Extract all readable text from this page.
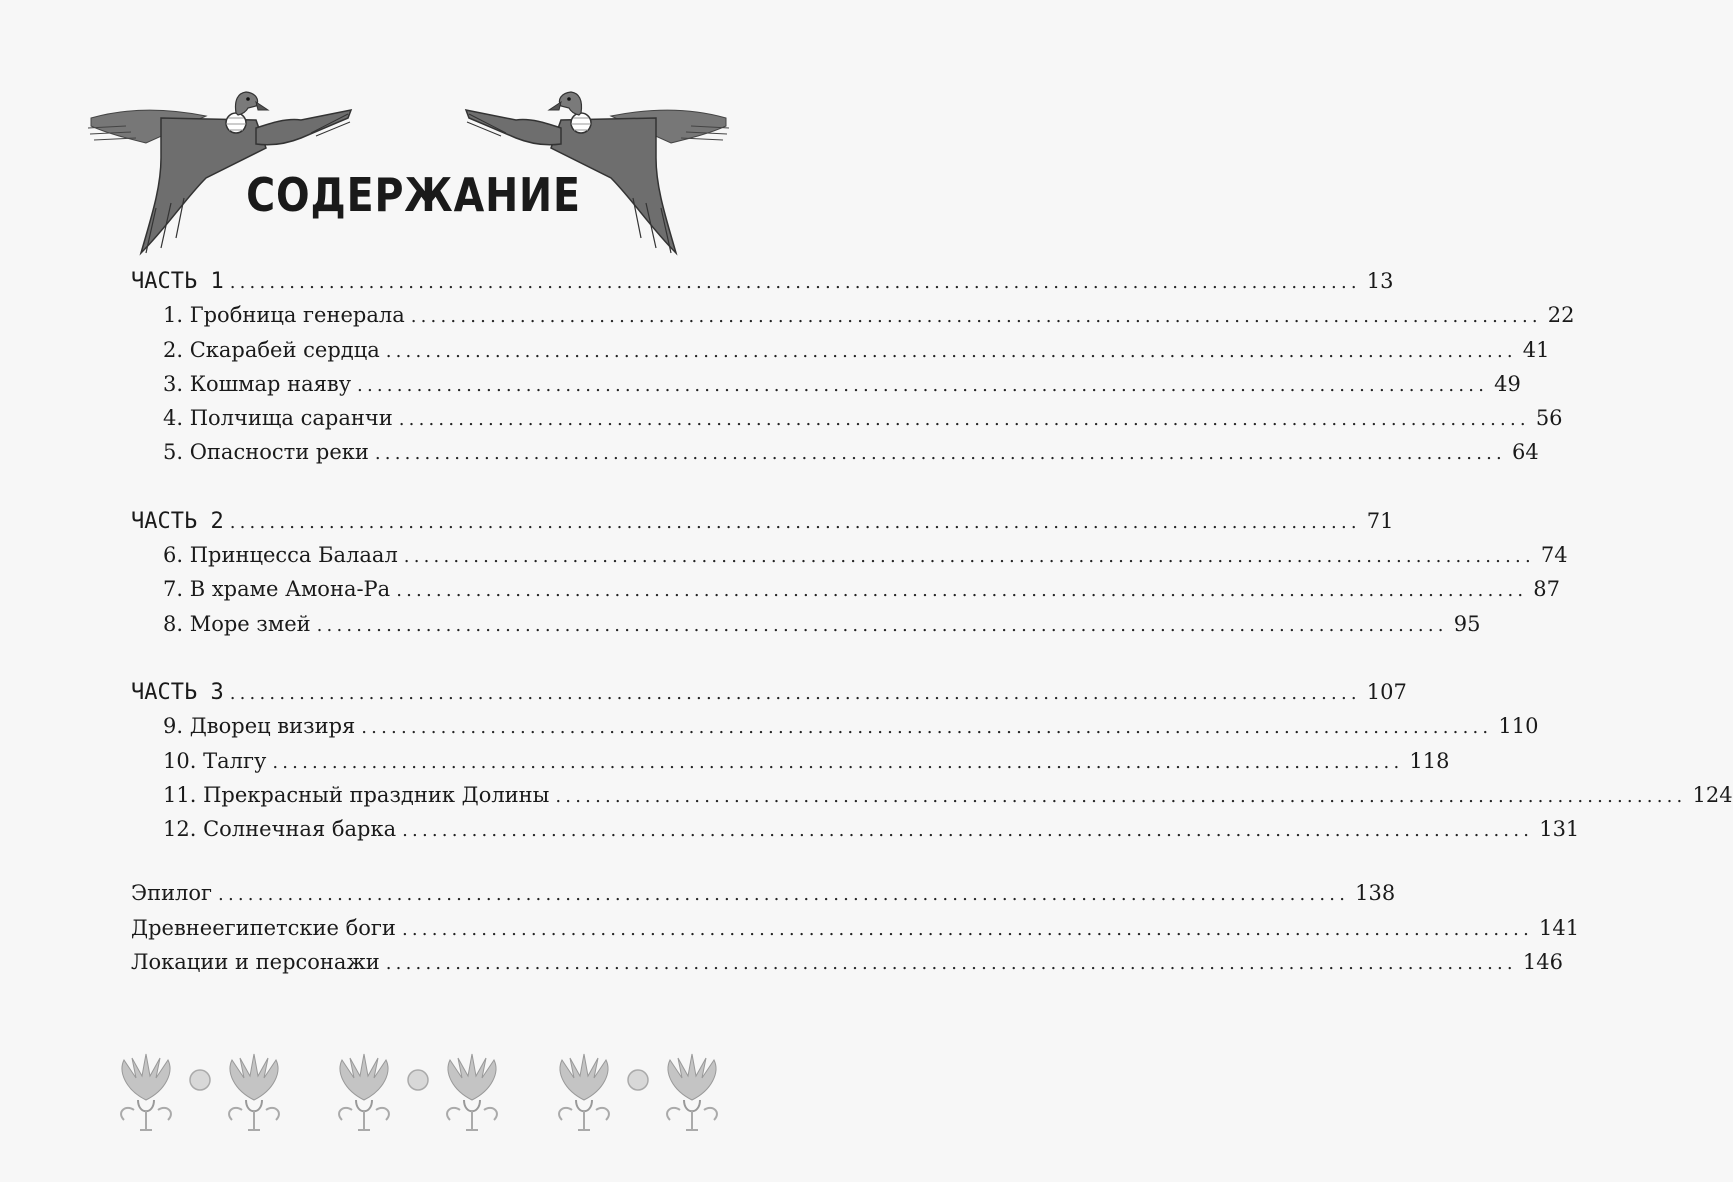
СОДЕРЖАНИЕ
ЧАСТЬ 1 .................................................................................................................. 13
1. Гробница генерала .................................................................................................................. 22
2. Скарабей сердца .................................................................................................................. 41
3. Кошмар наяву .................................................................................................................. 49
4. Полчища саранчи .................................................................................................................. 56
5. Опасности реки .................................................................................................................. 64
ЧАСТЬ 2 .................................................................................................................. 71
6. Принцесса Балаал .................................................................................................................. 74
7. В храме Амона-Ра .................................................................................................................. 87
8. Море змей .................................................................................................................. 95
ЧАСТЬ 3 .................................................................................................................. 107
9. Дворец визиря .................................................................................................................. 110
10. Талгу .................................................................................................................. 118
11. Прекрасный праздник Долины .................................................................................................................. 124
12. Солнечная барка .................................................................................................................. 131
Эпилог .................................................................................................................. 138
Древнеегипетские боги .................................................................................................................. 141
Локации и персонажи .................................................................................................................. 146
